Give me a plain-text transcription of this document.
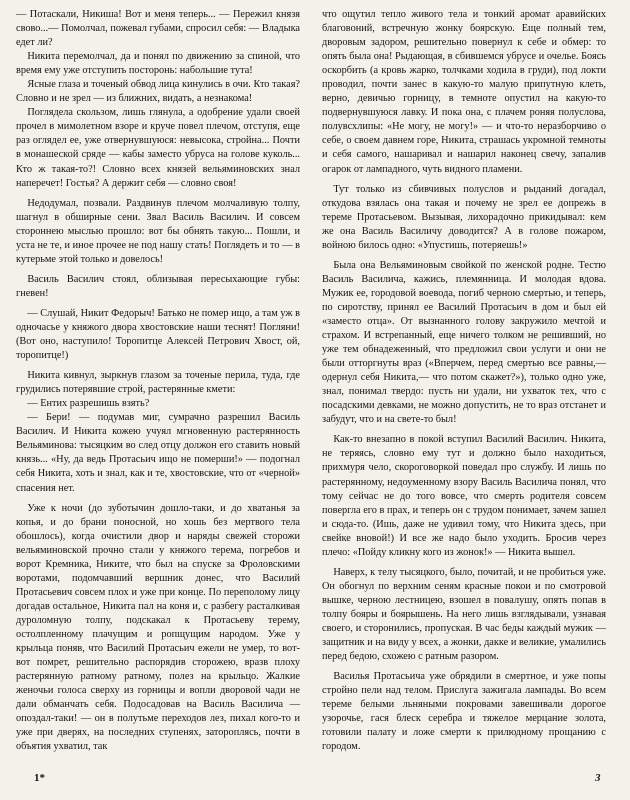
— Потаскали, Никиша! Вот и меня теперь... — Пережил князя свово...— Помолчал, пожевал губами, спросил себя: — Владыка едет ли?

Никита перемолчал, да и понял по движению за спиной, что время ему уже отступить посторонь: набольшие тута!

Ясные глаза и точеный обвод лица кинулись в очи. Кто такая? Словно и не зрел — из ближних, видать, а незнакома!

Поглядела скользом, лишь глянула, а одобрение удали своей прочел в мимолетном взоре и круче повел плечом, отступя, еще раз оглядел ее, уже отвернувшуюся: невысока, стройна... Почти в монашеской сряде — кабы заместо убруса на голове куколь... Кто ж такая-то?! Словно всех князей вельяминовских знал наперечет! Гостья? А держит себя — словно своя!

Недодумал, позвали. Раздвинув плечом молчаливую толпу, шагнул в обширные сени. Звал Василь Василич. И совсем стороннею мыслью прошло: вот бы обнять такую... Пошли, и уста не те, и иное прочее не под нашу стать! Поглядеть и то — в кутерьме этой только и довелось!

Василь Василич стоял, облизывая пересыхающие губы: гневен!

— Слушай, Никит Федорыч! Батько не помер ищо, а там уж в одночасье у княжого двора хвостовские наши теснят! Погляни! (Вот оно, наступило! Торопитце Алексей Петрович Хвост, ой, торопитце!)

Никита кивнул, зыркнув глазом за точеные перила, туда, где грудились потерявшие строй, растерянные кмети:

— Ентих разрешишь взять?

— Бери! — подумав миг, сумрачно разрешил Василь Василич. И Никита кожею учуял мгновенную растерянность Вельяминова: тысяцким во след отцу должон его ставить новый князь... «Ну, да ведь Протасьич ищо не померши!» — подогнал себя Никита, хоть и знал, как и те, хвостовские, что от «черной» спасения нет.

Уже к ночи (до зуботычин дошло-таки, и до хватанья за копья, и до брани поносной, но хошь без мертвого тела обошлось), когда очистили двор и наряды свежей сторожи вельяминовской прочно стали у княжого терема, погребов и ворот Кремника, Никите, что был на спуске за Фроловскими воротами, подомчавший вершник донес, что Василий Протасьевич совсем плох и уже при конце. По переполому лицу догадав остальное, Никита пал на коня и, с разбегу расталкивая дуроломную толпу, подскакал к Протасьеву терему, остолпленному плачущим и ропщущим народом. Уже у крыльца поняв, что Василий Протасьич ежели не умер, то вот-вот помрет, решительно распорядив сторожею, вразв плоху растерянную ратному ратному, полез на крыльцо. Жалкие женочьи голоса сверху из горницы и вопли дворовой чади не дали обманчать себя. Подосадовав на Василь Василича — опоздал-таки! — он в полутьме переходов лез, пихал кого-то и уже при дверях, на последних ступенях, затороплясь, почти в объятия ухватил, так

что ощутил тепло живого тела и тонкий аромат аравийских благовоний, встречную жонку боярскую. Еще полный тем, дворовым задором, решительно повернул к себе и обмер: то опять была она! Рыдающая, в сбившемся убрусе и очелье. Боясь оскорбить (а кровь жарко, толчками ходила в груди), под локти проводил, почти занес в какую-то малую припутную клеть, верно, девичью горницу, в темноте опустил на какую-то подвернувшуюся лавку. И пока она, с плачем роняя полуслова, полувсхлипы: «Не могу, не могу!» — и что-то неразборчиво о себе, о своем давнем горе, Никита, страшась укромной темноты и себя самого, нашаривал и нашарил наконец свечу, запалив огарок от лампадного, чуть видного пламени.

Тут только из сбивчивых полуслов и рыданий догадал, откудова взялась она такая и почему не зрел ее допрежь в тереме Протасьевом. Вызывая, лихорадочно прикидывал: кем же она Василь Василичу доводится? А в голове пожаром, войною билось одно: «Упустишь, потеряешь!»

Была она Вельяминовым свойкой по женской родне. Тестю Василь Василича, кажись, племянница. И молодая вдова. Мужик ее, городовой воевода, погиб черною смертью, и теперь, по сиротству, принял ее Василий Протасьич в дом и был ей «заместо отца». От вызнанного голову закружило мечтой и страхом. И встрепанный, еще ничего толком не решивший, но уже тем обнадеженный, что предложил свои услуги и они не были отторгнуты враз («Вперчем, перед смертью все равны,— одернул себя Никита,— что потом скажет?»), только одно уже, знал, понимал твердо: пусть ни удали, ни ухваток тех, что с посадскими девками, не можно допустить, не то враз отстанет и забудут, что и на свете-то был!

Как-то внезапно в покой вступил Василий Василич. Никита, не теряясь, словно ему тут и должно было находиться, прихмуря чело, скороговоркой поведал про службу. И лишь по растерянному, недоуменному взору Василь Василича понял, что тому сейчас не до того вовсе, что смерть родителя совсем повергла его в прах, и теперь он с трудом понимает, зачем зашел и сюда-то. (Ишь, даже не удивил тому, что Никита здесь, при свейке вновой!) И все же надо было уходить. Бросив через плечо: «Пойду кликну кого из жонок!» — Никита вышел.

Наверх, к телу тысяцкого, было, почитай, и не пробиться уже. Он обогнул по верхним сеням красные покои и по смотровой вышке, черною лестницею, взошел в повалушу, опять попав в толпу бояры и боярышень. На него лишь взглядывали, узнавая своего, и сторонились, пропуская. В час беды каждый мужик — защитник и на виду у всех, а жонки, дакке и великие, умалились перед бедою, схожею с ратным разором.

Василья Протасьича уже обрядили в смертное, и уже попы стройно пели над телом. Прислуга зажигала лампады. Во всем тереме белыми льняными покровами завешивали дорогое узорочье, гася блеск серебра и тяжелое мерцание золота, готовили палату и ложе смерти к прилюдному прощанию с городом.

1*	3
